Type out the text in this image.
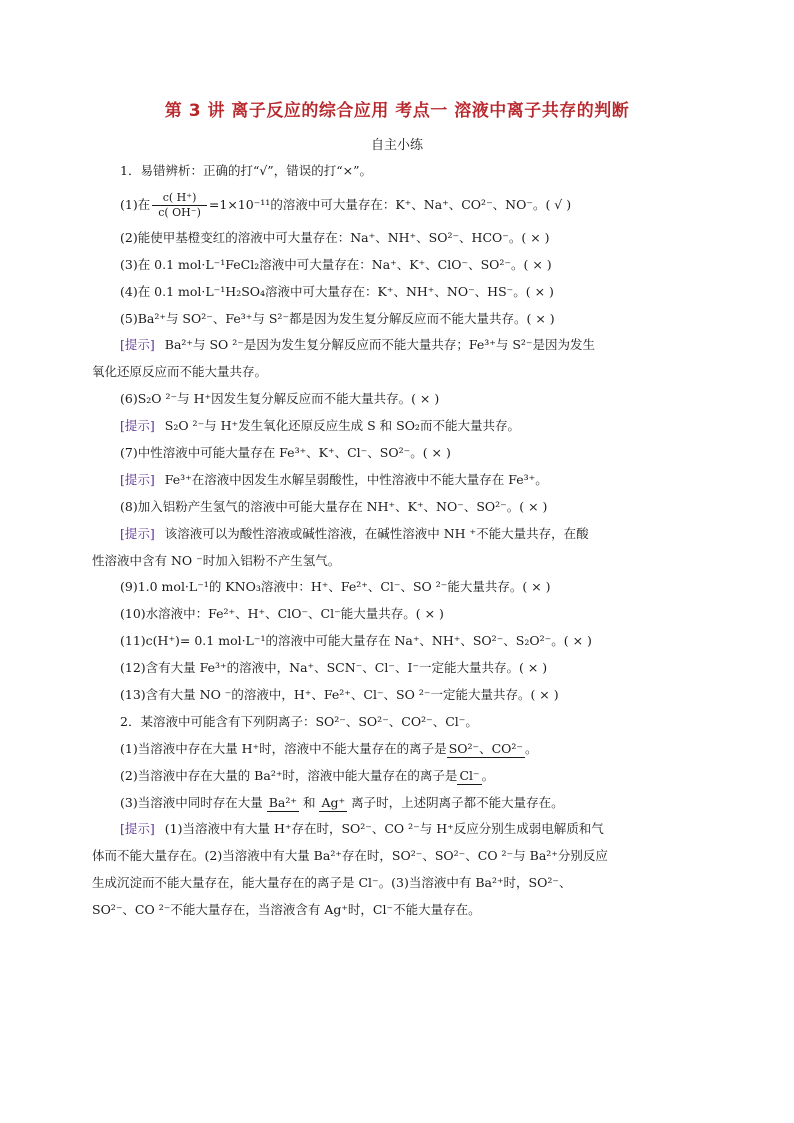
第 3 讲 离子反应的综合应用 考点一 溶液中离子共存的判断
自主小练
1．易错辨析：正确的打“√”，错误的打“×”。
(1)在 $\frac{c( H^+)}{c( OH^-)} =1\times 10^{-11}$的溶液中可大量存在：K⁺、Na⁺、CO²⁻、NO⁻。( √ )
(2)能使甲基橙变红的溶液中可大量存在：Na⁺、NH⁺、SO²⁻、HCO⁻。( × )
(3)在 0.1 mol·L⁻¹FeCl₂溶液中可大量存在：Na⁺、K⁺、ClO⁻、SO²⁻。( × )
(4)在 0.1 mol·L⁻¹H₂SO₄溶液中可大量存在：K⁺、NH⁺、NO⁻、HS⁻。( × )
(5)Ba²⁺与 SO²⁻、Fe³⁺与 S²⁻都是因为发生复分解反应而不能大量共存。( × )
[提示] Ba²⁺与 SO ²⁻是因为发生复分解反应而不能大量共存；Fe³⁺与 S²⁻是因为发生
氧化还原反应而不能大量共存。
(6)S₂O ²⁻与 H⁺因发生复分解反应而不能大量共存。( × )
[提示] S₂O ²⁻与 H⁺发生氧化还原反应生成 S 和 SO₂而不能大量共存。
(7)中性溶液中可能大量存在 Fe³⁺、K⁺、Cl⁻、SO²⁻。( × )
[提示] Fe³⁺在溶液中因发生水解呈弱酸性，中性溶液中不能大量存在 Fe³⁺。
(8)加入铝粉产生氢气的溶液中可能大量存在 NH⁺、K⁺、NO⁻、SO²⁻。( × )
[提示] 该溶液可以为酸性溶液或碱性溶液，在碱性溶液中 NH ⁺不能大量共存，在酸
性溶液中含有 NO ⁻时加入铝粉不产生氢气。
(9)1.0 mol·L⁻¹的 KNO₃溶液中：H⁺、Fe²⁺、Cl⁻、SO ²⁻能大量共存。( × )
(10)水溶液中：Fe²⁺、H⁺、ClO⁻、Cl⁻能大量共存。( × )
(11)c(H⁺)= 0.1 mol·L⁻¹的溶液中可能大量存在 Na⁺、NH⁺、SO²⁻、S₂O²⁻。( × )
(12)含有大量 Fe³⁺的溶液中，Na⁺、SCN⁻、Cl⁻、I⁻一定能大量共存。( × )
(13)含有大量 NO ⁻的溶液中，H⁺、Fe²⁺、Cl⁻、SO ²⁻一定能大量共存。( × )
2．某溶液中可能含有下列阴离子：SO²⁻、SO²⁻、CO²⁻、Cl⁻。
(1)当溶液中存在大量 H⁺时，溶液中不能大量存在的离子是 SO²⁻、CO²⁻ 。
(2)当溶液中存在大量的 Ba²⁺时，溶液中能大量存在的离子是 Cl⁻ 。
(3)当溶液中同时存在大量 Ba²⁺ 和 Ag⁺ 离子时，上述阴离子都不能大量存在。
[提示] (1)当溶液中有大量 H⁺存在时，SO²⁻、CO ²⁻与 H⁺反应分别生成弱电解质和气
体而不能大量存在。(2)当溶液中有大量 Ba²⁺存在时，SO²⁻、SO²⁻、CO ²⁻与 Ba²⁺分别反应
生成沉淀而不能大量存在，能大量存在的离子是 Cl⁻。(3)当溶液中有 Ba²⁺时，SO²⁻、
SO²⁻、CO ²⁻不能大量存在，当溶液含有 Ag⁺时，Cl⁻不能大量存在。
